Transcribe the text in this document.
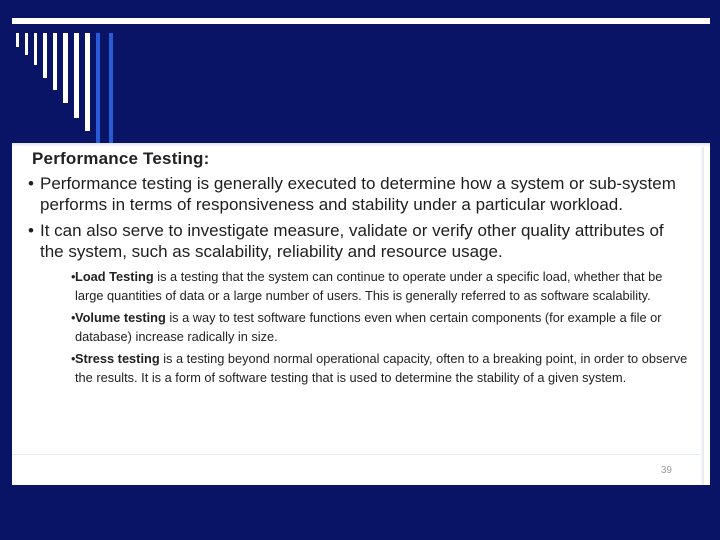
Performance Testing:
• Performance testing is generally executed to determine how a system or sub-system performs in terms of responsiveness and stability under a particular workload.
• It can also serve to investigate measure, validate or verify other quality attributes of the system, such as scalability, reliability and resource usage.
• Load Testing is a testing that the system can continue to operate under a specific load, whether that be large quantities of data or a large number of users. This is generally referred to as software scalability.
• Volume testing is a way to test software functions even when certain components (for example a file or database) increase radically in size.
• Stress testing is a testing beyond normal operational capacity, often to a breaking point, in order to observe the results. It is a form of software testing that is used to determine the stability of a given system.
39
